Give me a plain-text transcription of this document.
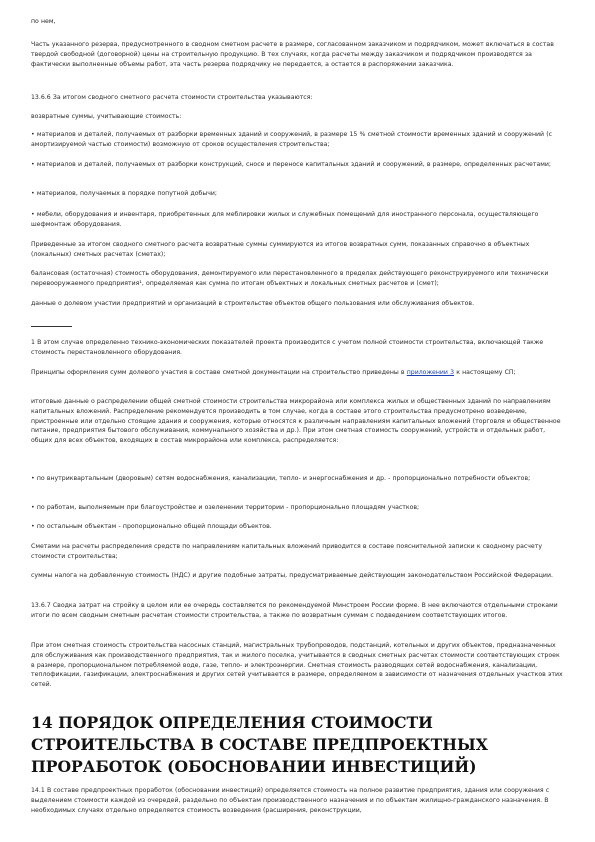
по нем,

Часть указанного резерва, предусмотренного в сводном сметном расчете в размере, согласованном заказчиком и подрядчиком, может включаться в состав твердой свободной (договорной) цены на строительную продукцию. В тех случаях, когда расчеты между заказчиком и подрядчиком производятся за фактически выполненные объемы работ, эта часть резерва подрядчику не передается, а остается в распоряжении заказчика.

13.6.6 За итогом сводного сметного расчета стоимости строительства указываются:

возвратные суммы, учитывающие стоимость:

• материалов и деталей, получаемых от разборки временных зданий и сооружений, в размере 15 % сметной стоимости временных зданий и сооружений (с амортизируемой частью стоимости) возможную от сроков осуществления строительства;

• материалов и деталей, получаемых от разборки конструкций, сносе и переносе капитальных зданий и сооружений, в размере, определенных расчетами;

• материалов, получаемых в порядке попутной добычи;

• мебели, оборудования и инвентаря, приобретенных для меблировки жилых и служебных помещений для иностранного персонала, осуществляющего шефмонтаж оборудования.

Приведенные за итогом сводного сметного расчета возвратные суммы суммируются из итогов возвратных сумм, показанных справочно в объектных (локальных) сметных расчетах (сметах);

балансовая (остаточная) стоимость оборудования, демонтируемого или перестановленного в пределах действующего реконструируемого или технически перевооружаемого предприятия¹, определяемая как сумма по итогам объектных и локальных сметных расчетов и (смет);

данные о долевом участии предприятий и организаций в строительстве объектов общего пользования или обслуживания объектов.

1 В этом случае определенно технико-экономических показателей проекта производится с учетом полной стоимости строительства, включающей также стоимость перестановленного оборудования.

Принципы оформления сумм долевого участия в составе сметной документации на строительство приведены в приложении 3 к настоящему СП;

итоговые данные о распределении общей сметной стоимости строительства микрорайона или комплекса жилых и общественных зданий по направлениям капитальных вложений. Распределение рекомендуется производить в том случае, когда в составе этого строительства предусмотрено возведение, пристроенные или отдельно стоящие здания и сооружения, которые относятся к различным направлениям капитальных вложений (торговля и общественное питание, предприятия бытового обслуживания, коммунального хозяйства и др.). При этом сметная стоимость сооружений, устройств и отдельных работ, общих для всех объектов, входящих в состав микрорайона или комплекса, распределяется:

• по внутриквартальным (дворовым) сетям водоснабжения, канализации, тепло- и энергоснабжения и др. - пропорционально потребности объектов;

• по работам, выполняемым при благоустройстве и озеленении территории - пропорционально площадям участков;

• по остальным объектам - пропорционально общей площади объектов.

Сметами на расчеты распределения средств по направлениям капитальных вложений приводится в составе пояснительной записки к сводному расчету стоимости строительства;

суммы налога на добавленную стоимость (НДС) и другие подобные затраты, предусматриваемые действующим законодательством Российской Федерации.

13.6.7 Сводка затрат на стройку в целом или ее очередь составляется по рекомендуемой Минстроем России форме. В нее включаются отдельными строками итоги по всем сводным сметным расчетам стоимости строительства, а также по возвратным суммам с подведением соответствующих итогов.

При этом сметная стоимость строительства насосных станций, магистральных трубопроводов, подстанций, котельных и других объектов, предназначенных для обслуживания как производственного предприятия, так и жилого поселка, учитывается в сводных сметных расчетах стоимости соответствующих строек в размере, пропорциональном потребляемой воде, газе, тепло- и электроэнергии. Сметная стоимость разводящих сетей водоснабжения, канализации, теплофикации, газификации, электроснабжения и других сетей учитывается в размере, определяемом в зависимости от назначения отдельных участков этих сетей.

14 ПОРЯДОК ОПРЕДЕЛЕНИЯ СТОИМОСТИ СТРОИТЕЛЬСТВА В СОСТАВЕ ПРЕДПРОЕКТНЫХ ПРОРАБОТОК (ОБОСНОВАНИИ ИНВЕСТИЦИЙ)

14.1 В составе предпроектных проработок (обосновании инвестиций) определяется стоимость на полное развитие предприятия, здания или сооружения с выделением стоимости каждой из очередей, раздельно по объектам производственного назначения и по объектам жилищно-гражданского назначения. В необходимых случаях отдельно определяется стоимость возведения (расширения, реконструкции,
